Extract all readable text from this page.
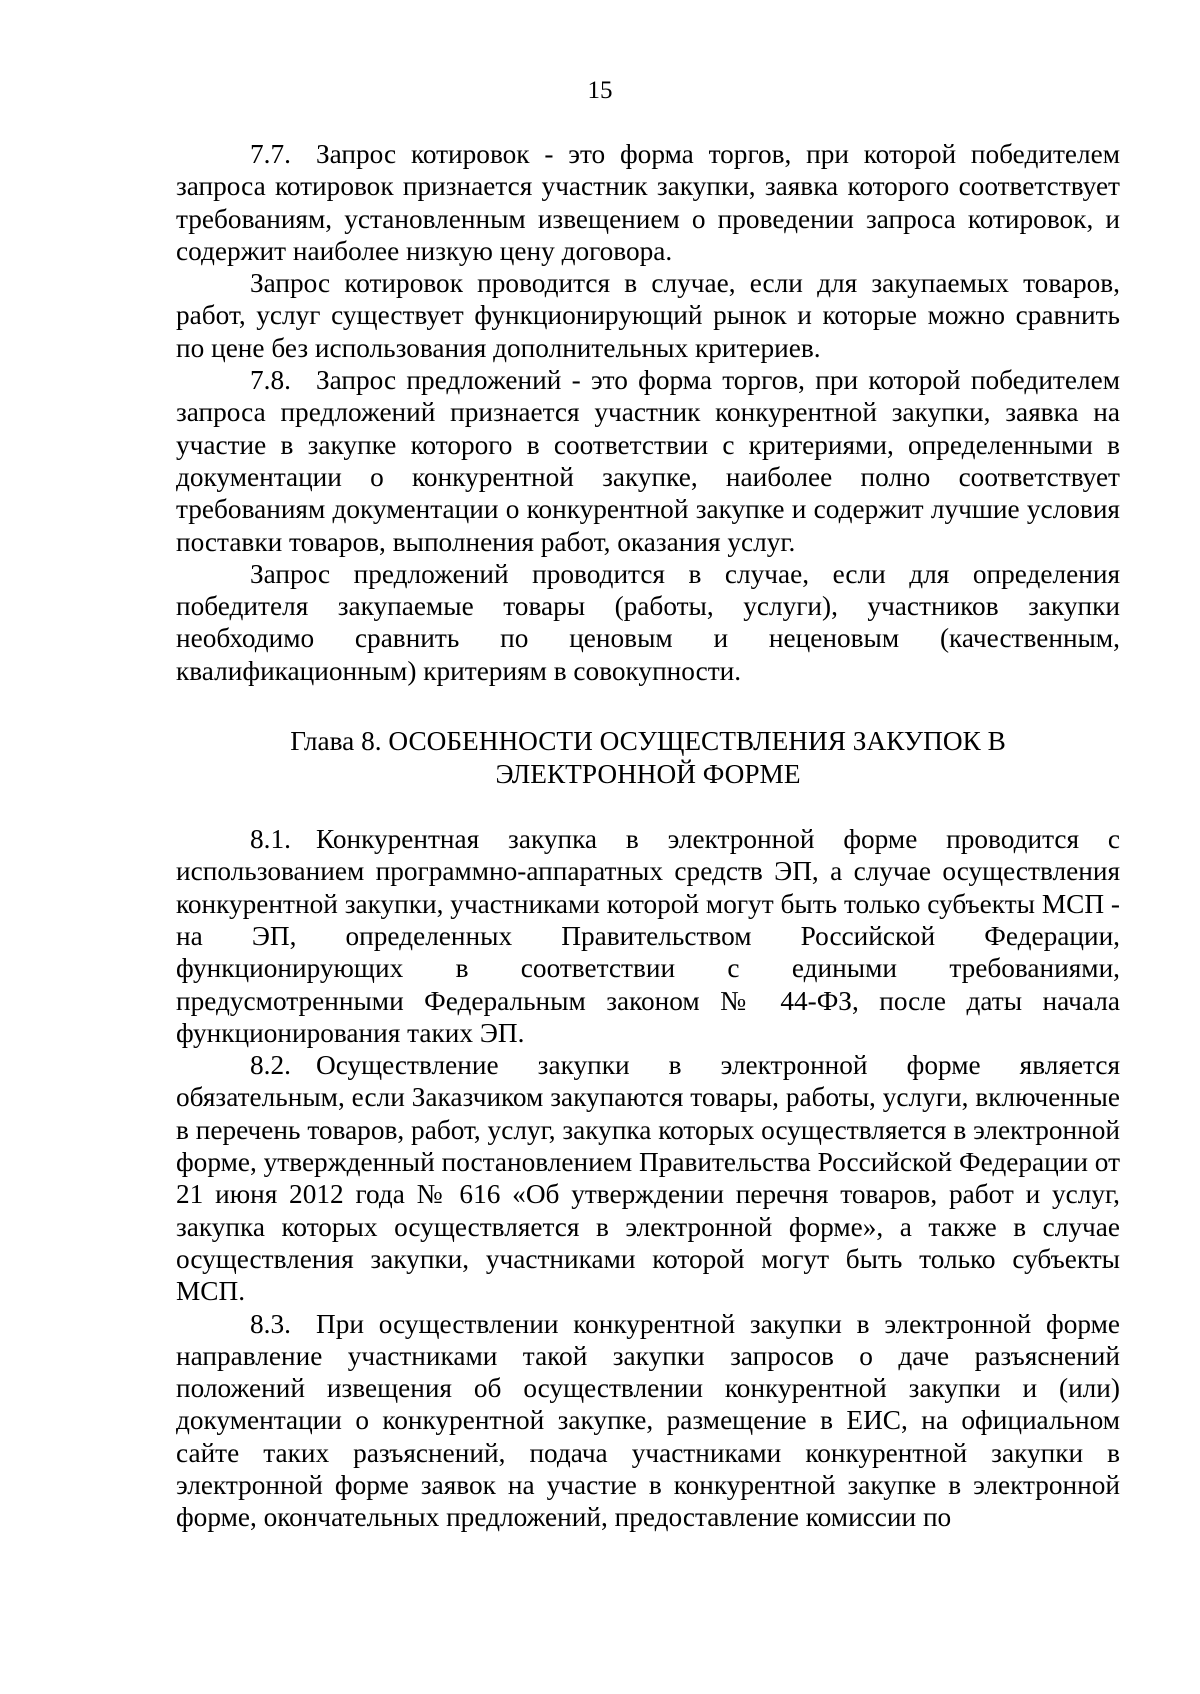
15

7.7. Запрос котировок - это форма торгов, при которой победителем запроса котировок признается участник закупки, заявка которого соответствует требованиям, установленным извещением о проведении запроса котировок, и содержит наиболее низкую цену договора.

Запрос котировок проводится в случае, если для закупаемых товаров, работ, услуг существует функционирующий рынок и которые можно сравнить по цене без использования дополнительных критериев.

7.8. Запрос предложений - это форма торгов, при которой победителем запроса предложений признается участник конкурентной закупки, заявка на участие в закупке которого в соответствии с критериями, определенными в документации о конкурентной закупке, наиболее полно соответствует требованиям документации о конкурентной закупке и содержит лучшие условия поставки товаров, выполнения работ, оказания услуг.

Запрос предложений проводится в случае, если для определения победителя закупаемые товары (работы, услуги), участников закупки необходимо сравнить по ценовым и неценовым (качественным, квалификационным) критериям в совокупности.

Глава 8. ОСОБЕННОСТИ ОСУЩЕСТВЛЕНИЯ ЗАКУПОК В ЭЛЕКТРОННОЙ ФОРМЕ

8.1. Конкурентная закупка в электронной форме проводится с использованием программно-аппаратных средств ЭП, а случае осуществления конкурентной закупки, участниками которой могут быть только субъекты МСП - на ЭП, определенных Правительством Российской Федерации, функционирующих в соответствии с едиными требованиями, предусмотренными Федеральным законом № 44-ФЗ, после даты начала функционирования таких ЭП.

8.2. Осуществление закупки в электронной форме является обязательным, если Заказчиком закупаются товары, работы, услуги, включенные в перечень товаров, работ, услуг, закупка которых осуществляется в электронной форме, утвержденный постановлением Правительства Российской Федерации от 21 июня 2012 года № 616 «Об утверждении перечня товаров, работ и услуг, закупка которых осуществляется в электронной форме», а также в случае осуществления закупки, участниками которой могут быть только субъекты МСП.

8.3. При осуществлении конкурентной закупки в электронной форме направление участниками такой закупки запросов о даче разъяснений положений извещения об осуществлении конкурентной закупки и (или) документации о конкурентной закупке, размещение в ЕИС, на официальном сайте таких разъяснений, подача участниками конкурентной закупки в электронной форме заявок на участие в конкурентной закупке в электронной форме, окончательных предложений, предоставление комиссии по
